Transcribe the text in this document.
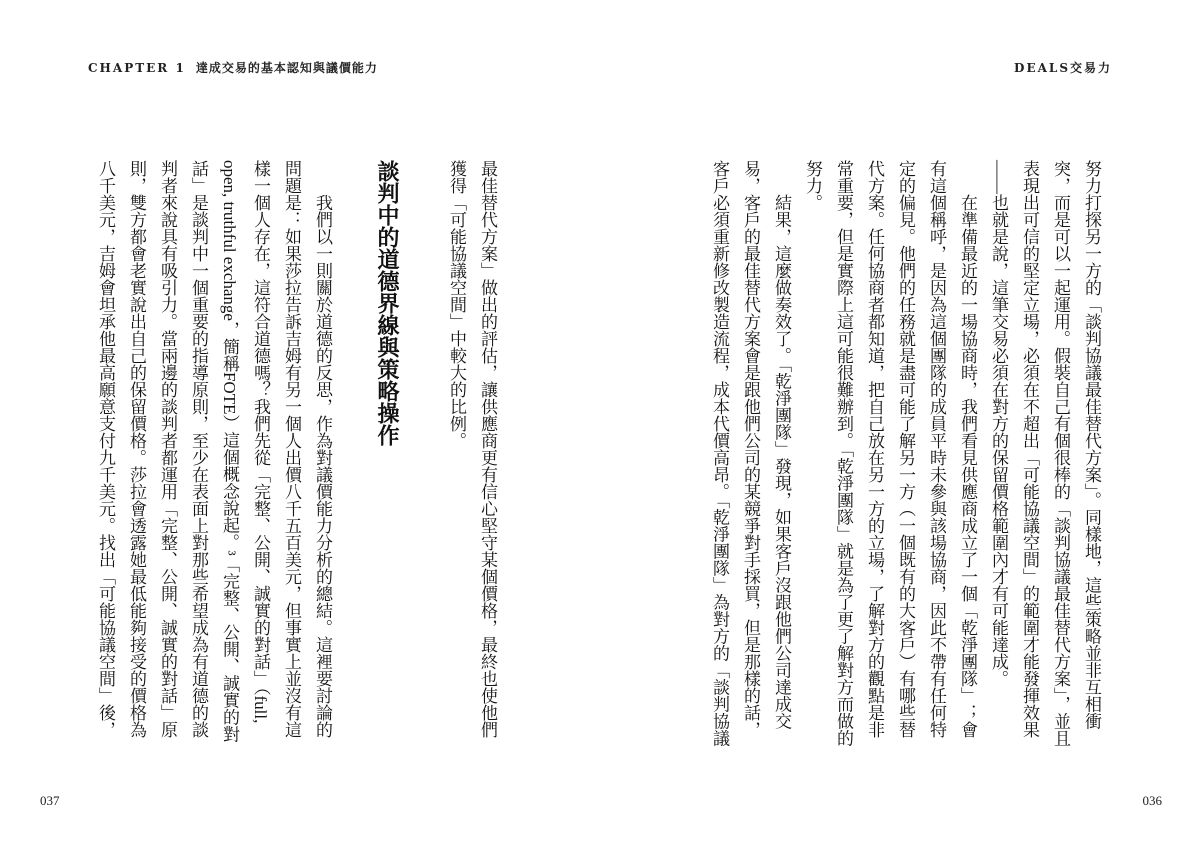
CHAPTER 1 達成交易的基本認知與議價能力	DEALS交易力
努力打探另一方的「談判協議最佳替代方案」。同樣地，這些策略並非互相衝
突，而是可以一起運用。假裝自己有個很棒的「談判協議最佳替代方案」，並且
表現出可信的堅定立場，必須在不超出「可能協議空間」的範圍才能發揮效果
——也就是說，這筆交易必須在對方的保留價格範圍內才有可能達成。
在準備最近的一場協商時，我們看見供應商成立了一個「乾淨團隊」；會
有這個稱呼，是因為這個團隊的成員平時未參與該場協商，因此不帶有任何特
定的偏見。他們的任務就是盡可能了解另一方（一個既有的大客戶）有哪些替
代方案。任何協商者都知道，把自己放在另一方的立場，了解對方的觀點是非
常重要，但是實際上這可能很難辦到。「乾淨團隊」就是為了更了解對方而做的
努力。
結果，這麼做奏效了。「乾淨團隊」發現，如果客戶沒跟他們公司達成交
易，客戶的最佳替代方案會是跟他們公司的某競爭對手採買，但是那樣的話，
客戶必須重新修改製造流程，成本代價高昂。「乾淨團隊」為對方的「談判協議
036
最佳替代方案」做出的評估，讓供應商更有信心堅守某個價格，最終也使他們
獲得「可能協議空間」中較大的比例。
談判中的道德界線與策略操作
我們以一則關於道德的反思，作為對議價能力分析的總結。這裡要討論的
問題是：如果莎拉告訴吉姆有另一個人出價八千五百美元，但事實上並沒有這
樣一個人存在，這符合道德嗎？我們先從「完整、公開、誠實的對話」（full,
open, truthful exchange，簡稱FOTE）這個概念說起。³「完整、公開、誠實的對
話」是談判中一個重要的指導原則，至少在表面上對那些希望成為有道德的談
判者來說具有吸引力。當兩邊的談判者都運用「完整、公開、誠實的對話」原
則，雙方都會老實說出自己的保留價格。莎拉會透露她最低能夠接受的價格為
八千美元，吉姆會坦承他最高願意支付九千美元。找出「可能協議空間」後，
037
